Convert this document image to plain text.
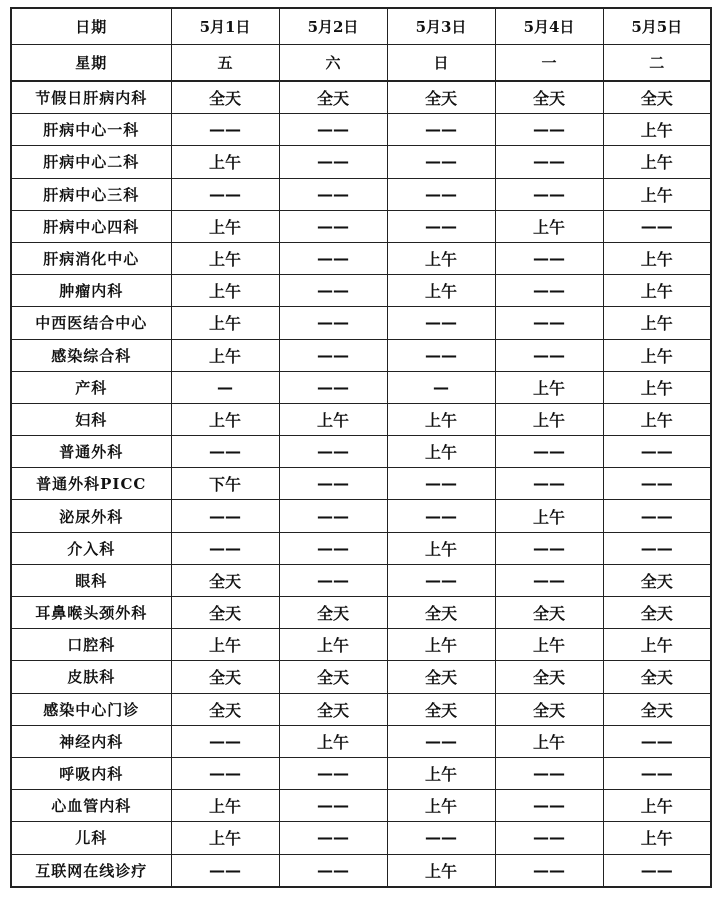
日期	5月1日	5月2日	5月3日	5月4日	5月5日
星期	五	六	日	一	二
节假日肝病内科	全天	全天	全天	全天	全天
肝病中心一科	——	——	——	——	上午
肝病中心二科	上午	——	——	——	上午
肝病中心三科	——	——	——	——	上午
肝病中心四科	上午	——	——	上午	——
肝病消化中心	上午	——	上午	——	上午
肿瘤内科	上午	——	上午	——	上午
中西医结合中心	上午	——	——	——	上午
感染综合科	上午	——	——	——	上午
产科	—	——	—	上午	上午
妇科	上午	上午	上午	上午	上午
普通外科	——	——	上午	——	——
普通外科PICC	下午	——	——	——	——
泌尿外科	——	——	——	上午	——
介入科	——	——	上午	——	——
眼科	全天	——	——	——	全天
耳鼻喉头颈外科	全天	全天	全天	全天	全天
口腔科	上午	上午	上午	上午	上午
皮肤科	全天	全天	全天	全天	全天
感染中心门诊	全天	全天	全天	全天	全天
神经内科	——	上午	——	上午	——
呼吸内科	——	——	上午	——	——
心血管内科	上午	——	上午	——	上午
儿科	上午	——	——	——	上午
互联网在线诊疗	——	——	上午	——	——
